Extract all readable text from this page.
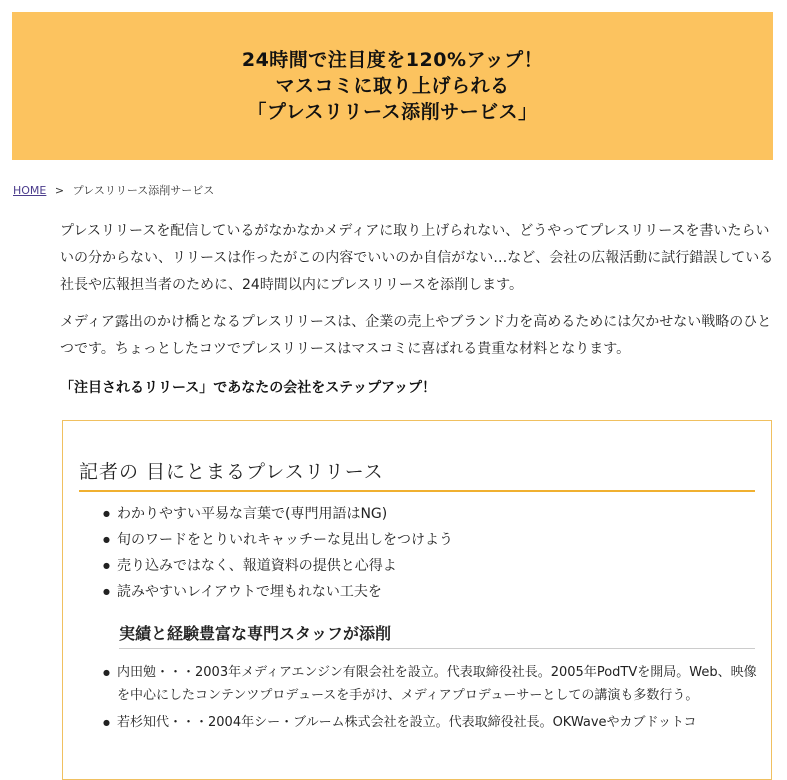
24時間で注目度を120%アップ！
マスコミに取り上げられる
「プレスリリース添削サービス」
HOME > プレスリリース添削サービス

プレスリリースを配信しているがなかなかメディアに取り上げられない、どうやってプレスリリースを書いたらいいの分からない、リリースは作ったがこの内容でいいのか自信がない…など、会社の広報活動に試行錯誤している社長や広報担当者のために、24時間以内にプレスリリースを添削します。

メディア露出のかけ橋となるプレスリリースは、企業の売上やブランド力を高めるためには欠かせない戦略のひとつです。ちょっとしたコツでプレスリリースはマスコミに喜ばれる貴重な材料となります。

「注目されるリリース」であなたの会社をステップアップ！

記者の 目にとまるプレスリリース
● わかりやすい平易な言葉で(専門用語はNG)
● 旬のワードをとりいれキャッチーな見出しをつけよう
● 売り込みではなく、報道資料の提供と心得よ
● 読みやすいレイアウトで埋もれない工夫を
実績と経験豊富な専門スタッフが添削
● 内田勉・・・2003年メディアエンジン有限会社を設立。代表取締役社長。2005年PodTVを開局。Web、映像を中心にしたコンテンツプロデュースを手がけ、メディアプロデューサーとしての講演も多数行う。
● 若杉知代・・・2004年シー・ブルーム株式会社を設立。代表取締役社長。OKWaveやカブドットコ
